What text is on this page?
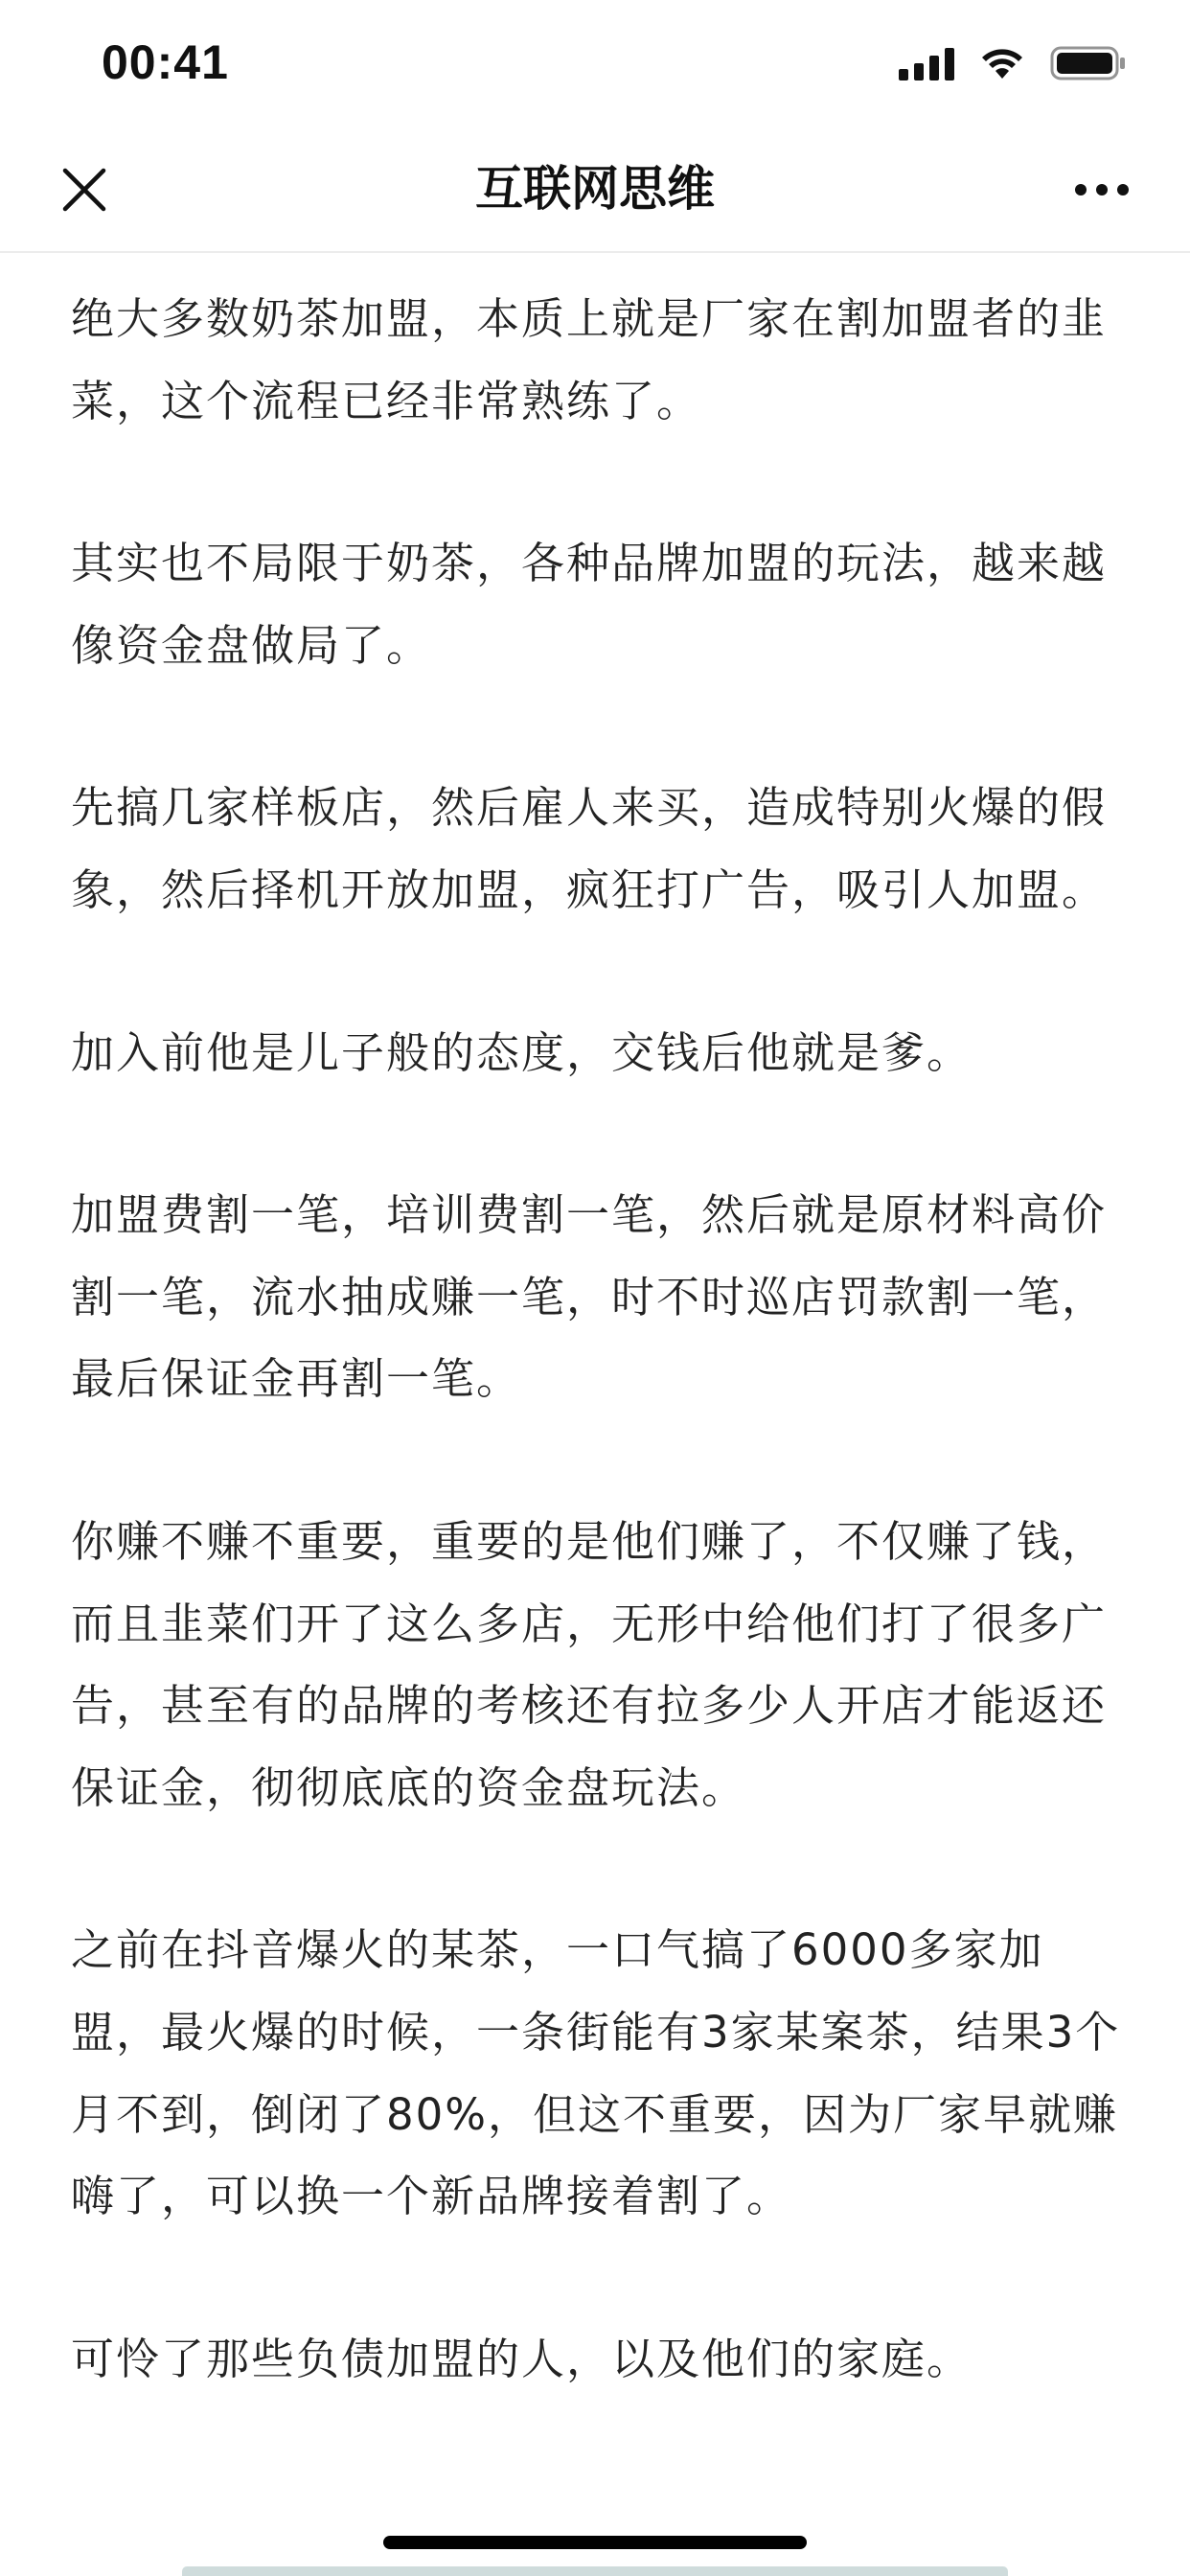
00:41
互联网思维

绝大多数奶茶加盟，本质上就是厂家在割加盟者的韭菜，这个流程已经非常熟练了。

其实也不局限于奶茶，各种品牌加盟的玩法，越来越像资金盘做局了。

先搞几家样板店，然后雇人来买，造成特别火爆的假象，然后择机开放加盟，疯狂打广告，吸引人加盟。

加入前他是儿子般的态度，交钱后他就是爹。

加盟费割一笔，培训费割一笔，然后就是原材料高价割一笔，流水抽成赚一笔，时不时巡店罚款割一笔，最后保证金再割一笔。

你赚不赚不重要，重要的是他们赚了，不仅赚了钱，而且韭菜们开了这么多店，无形中给他们打了很多广告，甚至有的品牌的考核还有拉多少人开店才能返还保证金，彻彻底底的资金盘玩法。

之前在抖音爆火的某茶，一口气搞了6000多家加盟，最火爆的时候，一条街能有3家某案茶，结果3个月不到，倒闭了80%，但这不重要，因为厂家早就赚嗨了，可以换一个新品牌接着割了。

可怜了那些负债加盟的人，以及他们的家庭。
